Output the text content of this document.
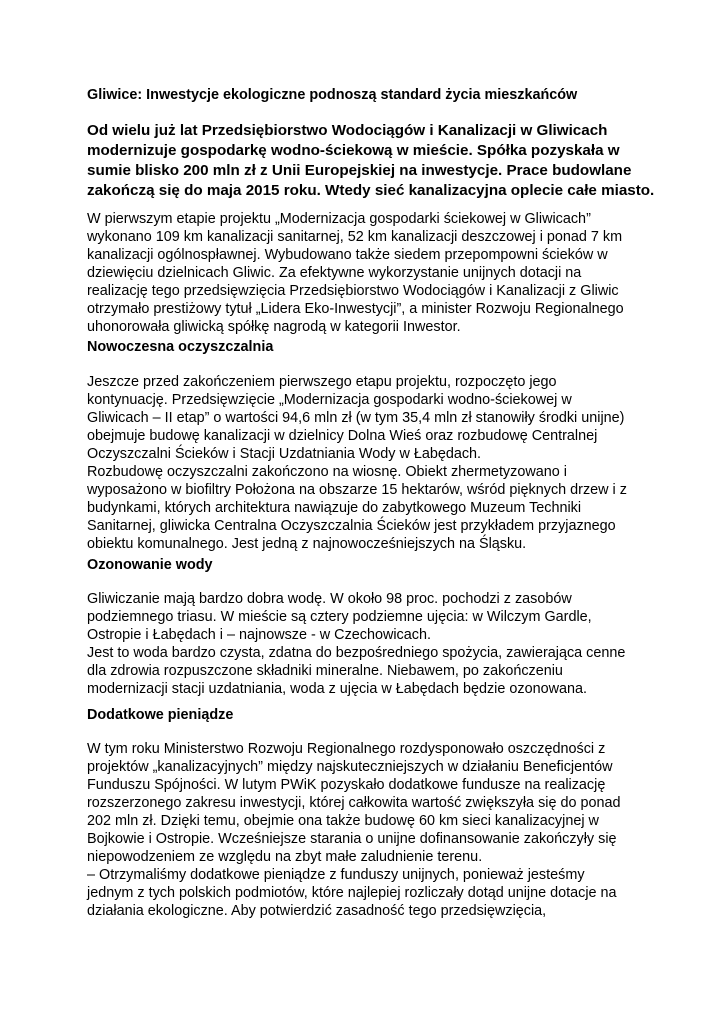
Gliwice: Inwestycje ekologiczne podnoszą standard życia mieszkańców

Od wielu już lat Przedsiębiorstwo Wodociągów i Kanalizacji w Gliwicach
modernizuje gospodarkę wodno-ściekową w mieście. Spółka pozyskała w
sumie blisko 200 mln zł z Unii Europejskiej na inwestycje. Prace budowlane
zakończą się do maja 2015 roku. Wtedy sieć kanalizacyjna oplecie całe miasto.
W pierwszym etapie projektu „Modernizacja gospodarki ściekowej w Gliwicach”
wykonano 109 km kanalizacji sanitarnej, 52 km kanalizacji deszczowej i ponad 7 km
kanalizacji ogólnospławnej. Wybudowano także siedem przepompowni ścieków w
dziewięciu dzielnicach Gliwic. Za efektywne wykorzystanie unijnych dotacji na
realizację tego przedsięwzięcia Przedsiębiorstwo Wodociągów i Kanalizacji z Gliwic
otrzymało prestiżowy tytuł „Lidera Eko-Inwestycji”, a minister Rozwoju Regionalnego
uhonorowała gliwicką spółkę nagrodą w kategorii Inwestor.

Nowoczesna oczyszczalnia

Jeszcze przed zakończeniem pierwszego etapu projektu, rozpoczęto jego
kontynuację. Przedsięwzięcie „Modernizacja gospodarki wodno-ściekowej w
Gliwicach – II etap” o wartości 94,6 mln zł (w tym 35,4 mln zł stanowiły środki unijne)
obejmuje budowę kanalizacji w dzielnicy Dolna Wieś oraz rozbudowę Centralnej
Oczyszczalni Ścieków i Stacji Uzdatniania Wody w Łabędach.
Rozbudowę oczyszczalni zakończono na wiosnę. Obiekt zhermetyzowano i
wyposażono w biofiltry Położona na obszarze 15 hektarów, wśród pięknych drzew i z
budynkami, których architektura nawiązuje do zabytkowego Muzeum Techniki
Sanitarnej, gliwicka Centralna Oczyszczalnia Ścieków jest przykładem przyjaznego
obiektu komunalnego. Jest jedną z najnowocześniejszych na Śląsku.

Ozonowanie wody

Gliwiczanie mają bardzo dobra wodę. W około 98 proc. pochodzi z zasobów
podziemnego triasu. W mieście są cztery podziemne ujęcia: w Wilczym Gardle,
Ostropie i Łabędach i – najnowsze - w Czechowicach.
Jest to woda bardzo czysta, zdatna do bezpośredniego spożycia, zawierająca cenne
dla zdrowia rozpuszczone składniki mineralne. Niebawem, po zakończeniu
modernizacji stacji uzdatniania, woda z ujęcia w Łabędach będzie ozonowana.

Dodatkowe pieniądze

W tym roku Ministerstwo Rozwoju Regionalnego rozdysponowało oszczędności z
projektów „kanalizacyjnych” między najskuteczniejszych w działaniu Beneficjentów
Funduszu Spójności. W lutym PWiK pozyskało dodatkowe fundusze na realizację
rozszerzonego zakresu inwestycji, której całkowita wartość zwiększyła się do ponad
202 mln zł. Dzięki temu, obejmie ona także budowę 60 km sieci kanalizacyjnej w
Bojkowie i Ostropie. Wcześniejsze starania o unijne dofinansowanie zakończyły się
niepowodzeniem ze względu na zbyt małe zaludnienie terenu.
– Otrzymaliśmy dodatkowe pieniądze z funduszy unijnych, ponieważ jesteśmy
jednym z tych polskich podmiotów, które najlepiej rozliczały dotąd unijne dotacje na
działania ekologiczne. Aby potwierdzić zasadność tego przedsięwzięcia,
